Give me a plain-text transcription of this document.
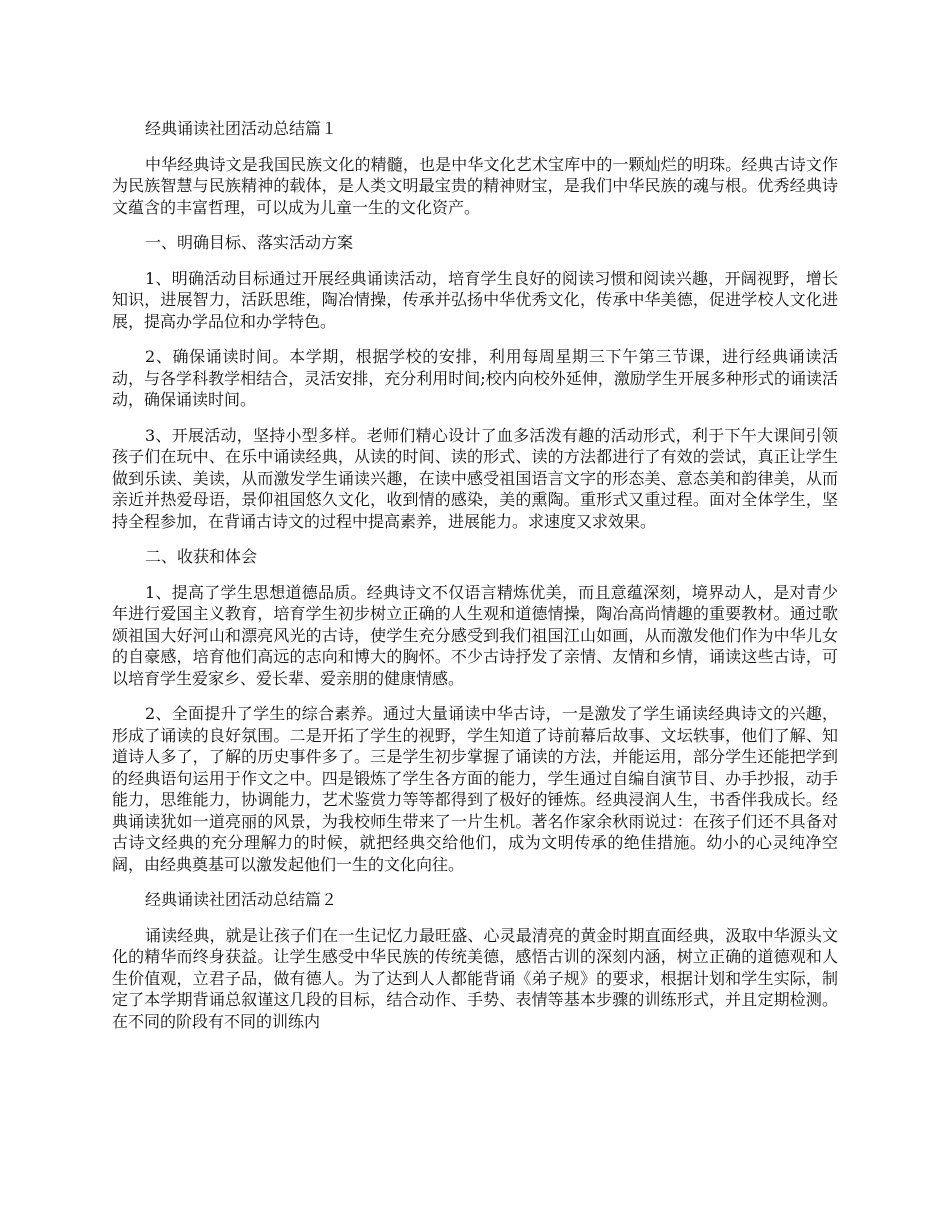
经典诵读社团活动总结篇１

中华经典诗文是我国民族文化的精髓，也是中华文化艺术宝库中的一颗灿烂的明珠。经典古诗文作为民族智慧与民族精神的载体，是人类文明最宝贵的精神财宝，是我们中华民族的魂与根。优秀经典诗文蕴含的丰富哲理，可以成为儿童一生的文化资产。

一、明确目标、落实活动方案

1、明确活动目标通过开展经典诵读活动，培育学生良好的阅读习惯和阅读兴趣，开阔视野，增长知识，进展智力，活跃思维，陶冶情操，传承并弘扬中华优秀文化，传承中华美德，促进学校人文化进展，提高办学品位和办学特色。

2、确保诵读时间。本学期，根据学校的安排，利用每周星期三下午第三节课，进行经典诵读活动，与各学科教学相结合，灵活安排，充分利用时间;校内向校外延伸，激励学生开展多种形式的诵读活动，确保诵读时间。

3、开展活动，坚持小型多样。老师们精心设计了血多活泼有趣的活动形式，利于下午大课间引领孩子们在玩中、在乐中诵读经典，从读的时间、读的形式、读的方法都进行了有效的尝试，真正让学生做到乐读、美读，从而激发学生诵读兴趣，在读中感受祖国语言文字的形态美、意态美和韵律美，从而亲近并热爱母语，景仰祖国悠久文化，收到情的感染，美的熏陶。重形式又重过程。面对全体学生，坚持全程参加，在背诵古诗文的过程中提高素养，进展能力。求速度又求效果。

二、收获和体会

1、提高了学生思想道德品质。经典诗文不仅语言精炼优美，而且意蕴深刻，境界动人，是对青少年进行爱国主义教育，培育学生初步树立正确的人生观和道德情操，陶冶高尚情趣的重要教材。通过歌颂祖国大好河山和漂亮风光的古诗，使学生充分感受到我们祖国江山如画，从而激发他们作为中华儿女的自豪感，培育他们高远的志向和博大的胸怀。不少古诗抒发了亲情、友情和乡情，诵读这些古诗，可以培育学生爱家乡、爱长辈、爱亲朋的健康情感。

2、全面提升了学生的综合素养。通过大量诵读中华古诗，一是激发了学生诵读经典诗文的兴趣，形成了诵读的良好氛围。二是开拓了学生的视野，学生知道了诗前幕后故事、文坛轶事，他们了解、知道诗人多了，了解的历史事件多了。三是学生初步掌握了诵读的方法，并能运用，部分学生还能把学到的经典语句运用于作文之中。四是锻炼了学生各方面的能力，学生通过自编自演节目、办手抄报，动手能力，思维能力，协调能力，艺术鉴赏力等等都得到了极好的锤炼。经典浸润人生，书香伴我成长。经典诵读犹如一道亮丽的风景，为我校师生带来了一片生机。著名作家余秋雨说过：在孩子们还不具备对古诗文经典的充分理解力的时候，就把经典交给他们，成为文明传承的绝佳措施。幼小的心灵纯净空阔，由经典奠基可以激发起他们一生的文化向往。

经典诵读社团活动总结篇２

诵读经典，就是让孩子们在一生记忆力最旺盛、心灵最清亮的黄金时期直面经典，汲取中华源头文化的精华而终身获益。让学生感受中华民族的传统美德，感悟古训的深刻内涵，树立正确的道德观和人生价值观，立君子品，做有德人。为了达到人人都能背诵《弟子规》的要求，根据计划和学生实际，制定了本学期背诵总叙谨这几段的目标，结合动作、手势、表情等基本步骤的训练形式，并且定期检测。在不同的阶段有不同的训练内
